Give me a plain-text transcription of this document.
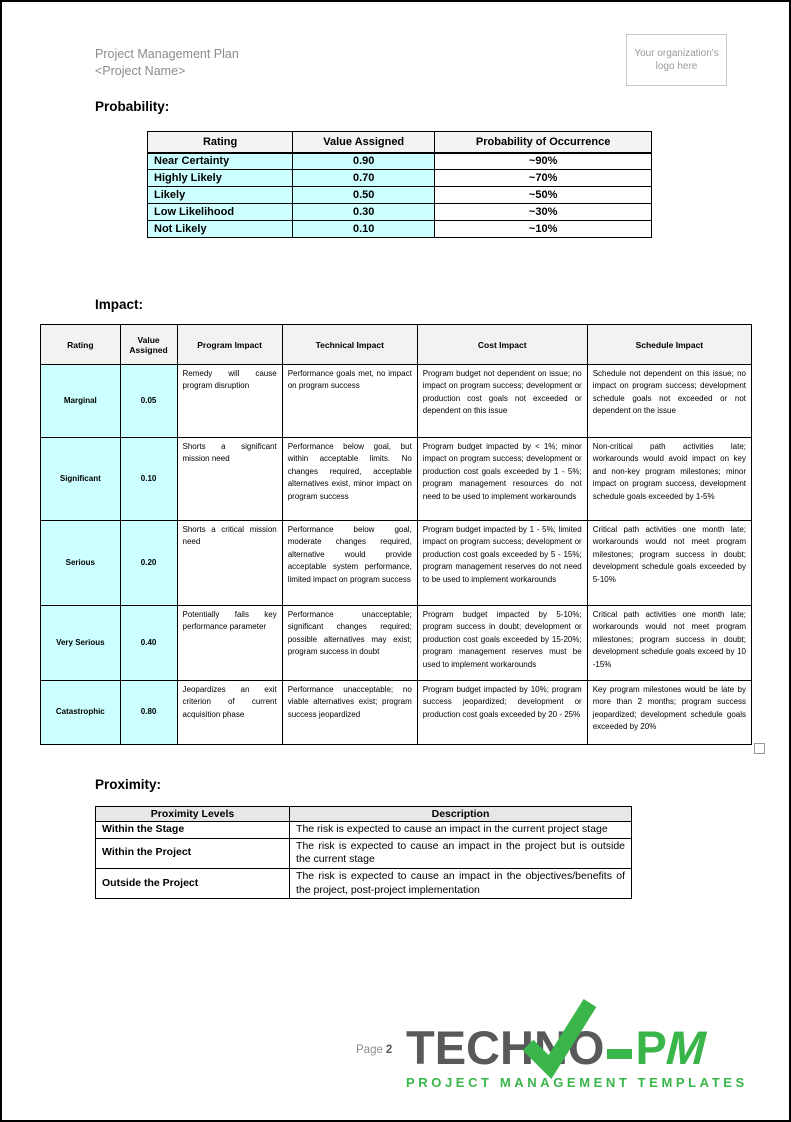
Project Management Plan
<Project Name>
Your organization's logo here
Probability:
Rating	Value Assigned	Probability of Occurrence
Near Certainty	0.90	~90%
Highly Likely	0.70	~70%
Likely	0.50	~50%
Low Likelihood	0.30	~30%
Not Likely	0.10	~10%
Impact:
Rating	Value Assigned	Program Impact	Technical Impact	Cost Impact	Schedule Impact
Marginal	0.05	Remedy will cause program disruption	Performance goals met, no impact on program success	Program budget not dependent on issue; no impact on program success; development or production cost goals not exceeded or dependent on this issue	Schedule not dependent on this issue; no impact on program success; development schedule goals not exceeded or not dependent on the issue
Significant	0.10	Shorts a significant mission need	Performance below goal, but within acceptable limits. No changes required, acceptable alternatives exist, minor impact on program success	Program budget impacted by < 1%; minor impact on program success; development or production cost goals exceeded by 1 - 5%; program management resources do not need to be used to implement workarounds	Non-critical path activities late; workarounds would avoid impact on key and non-key program milestones; minor impact on program success, development schedule goals exceeded by 1-5%
Serious	0.20	Shorts a critical mission need	Performance below goal, moderate changes required, alternative would provide acceptable system performance, limited impact on program success	Program budget impacted by 1 - 5%; limited impact on program success; development or production cost goals exceeded by 5 - 15%; program management reserves do not need to be used to implement workarounds	Critical path activities one month late; workarounds would not meet program milestones; program success in doubt; development schedule goals exceeded by 5-10%
Very Serious	0.40	Potentially fails key performance parameter	Performance unacceptable; significant changes required; possible alternatives may exist; program success in doubt	Program budget impacted by 5-10%; program success in doubt; development or production cost goals exceeded by 15-20%; program management reserves must be used to implement workarounds	Critical path activities one month late; workarounds would not meet program milestones; program success in doubt; development schedule goals exceed by 10 -15%
Catastrophic	0.80	Jeopardizes an exit criterion of current acquisition phase	Performance unacceptable; no viable alternatives exist; program success jeopardized	Program budget impacted by 10%; program success jeopardized; development or production cost goals exceeded by 20 - 25%	Key program milestones would be late by more than 2 months; program success jeopardized; development schedule goals exceeded by 20%
Proximity:
Proximity Levels	Description
Within the Stage	The risk is expected to cause an impact in the current project stage
Within the Project	The risk is expected to cause an impact in the project but is outside the current stage
Outside the Project	The risk is expected to cause an impact in the objectives/benefits of the project, post-project implementation
Page 2 TECH N O P
M
PROJECT MANAGEMENT TEMPLATES
